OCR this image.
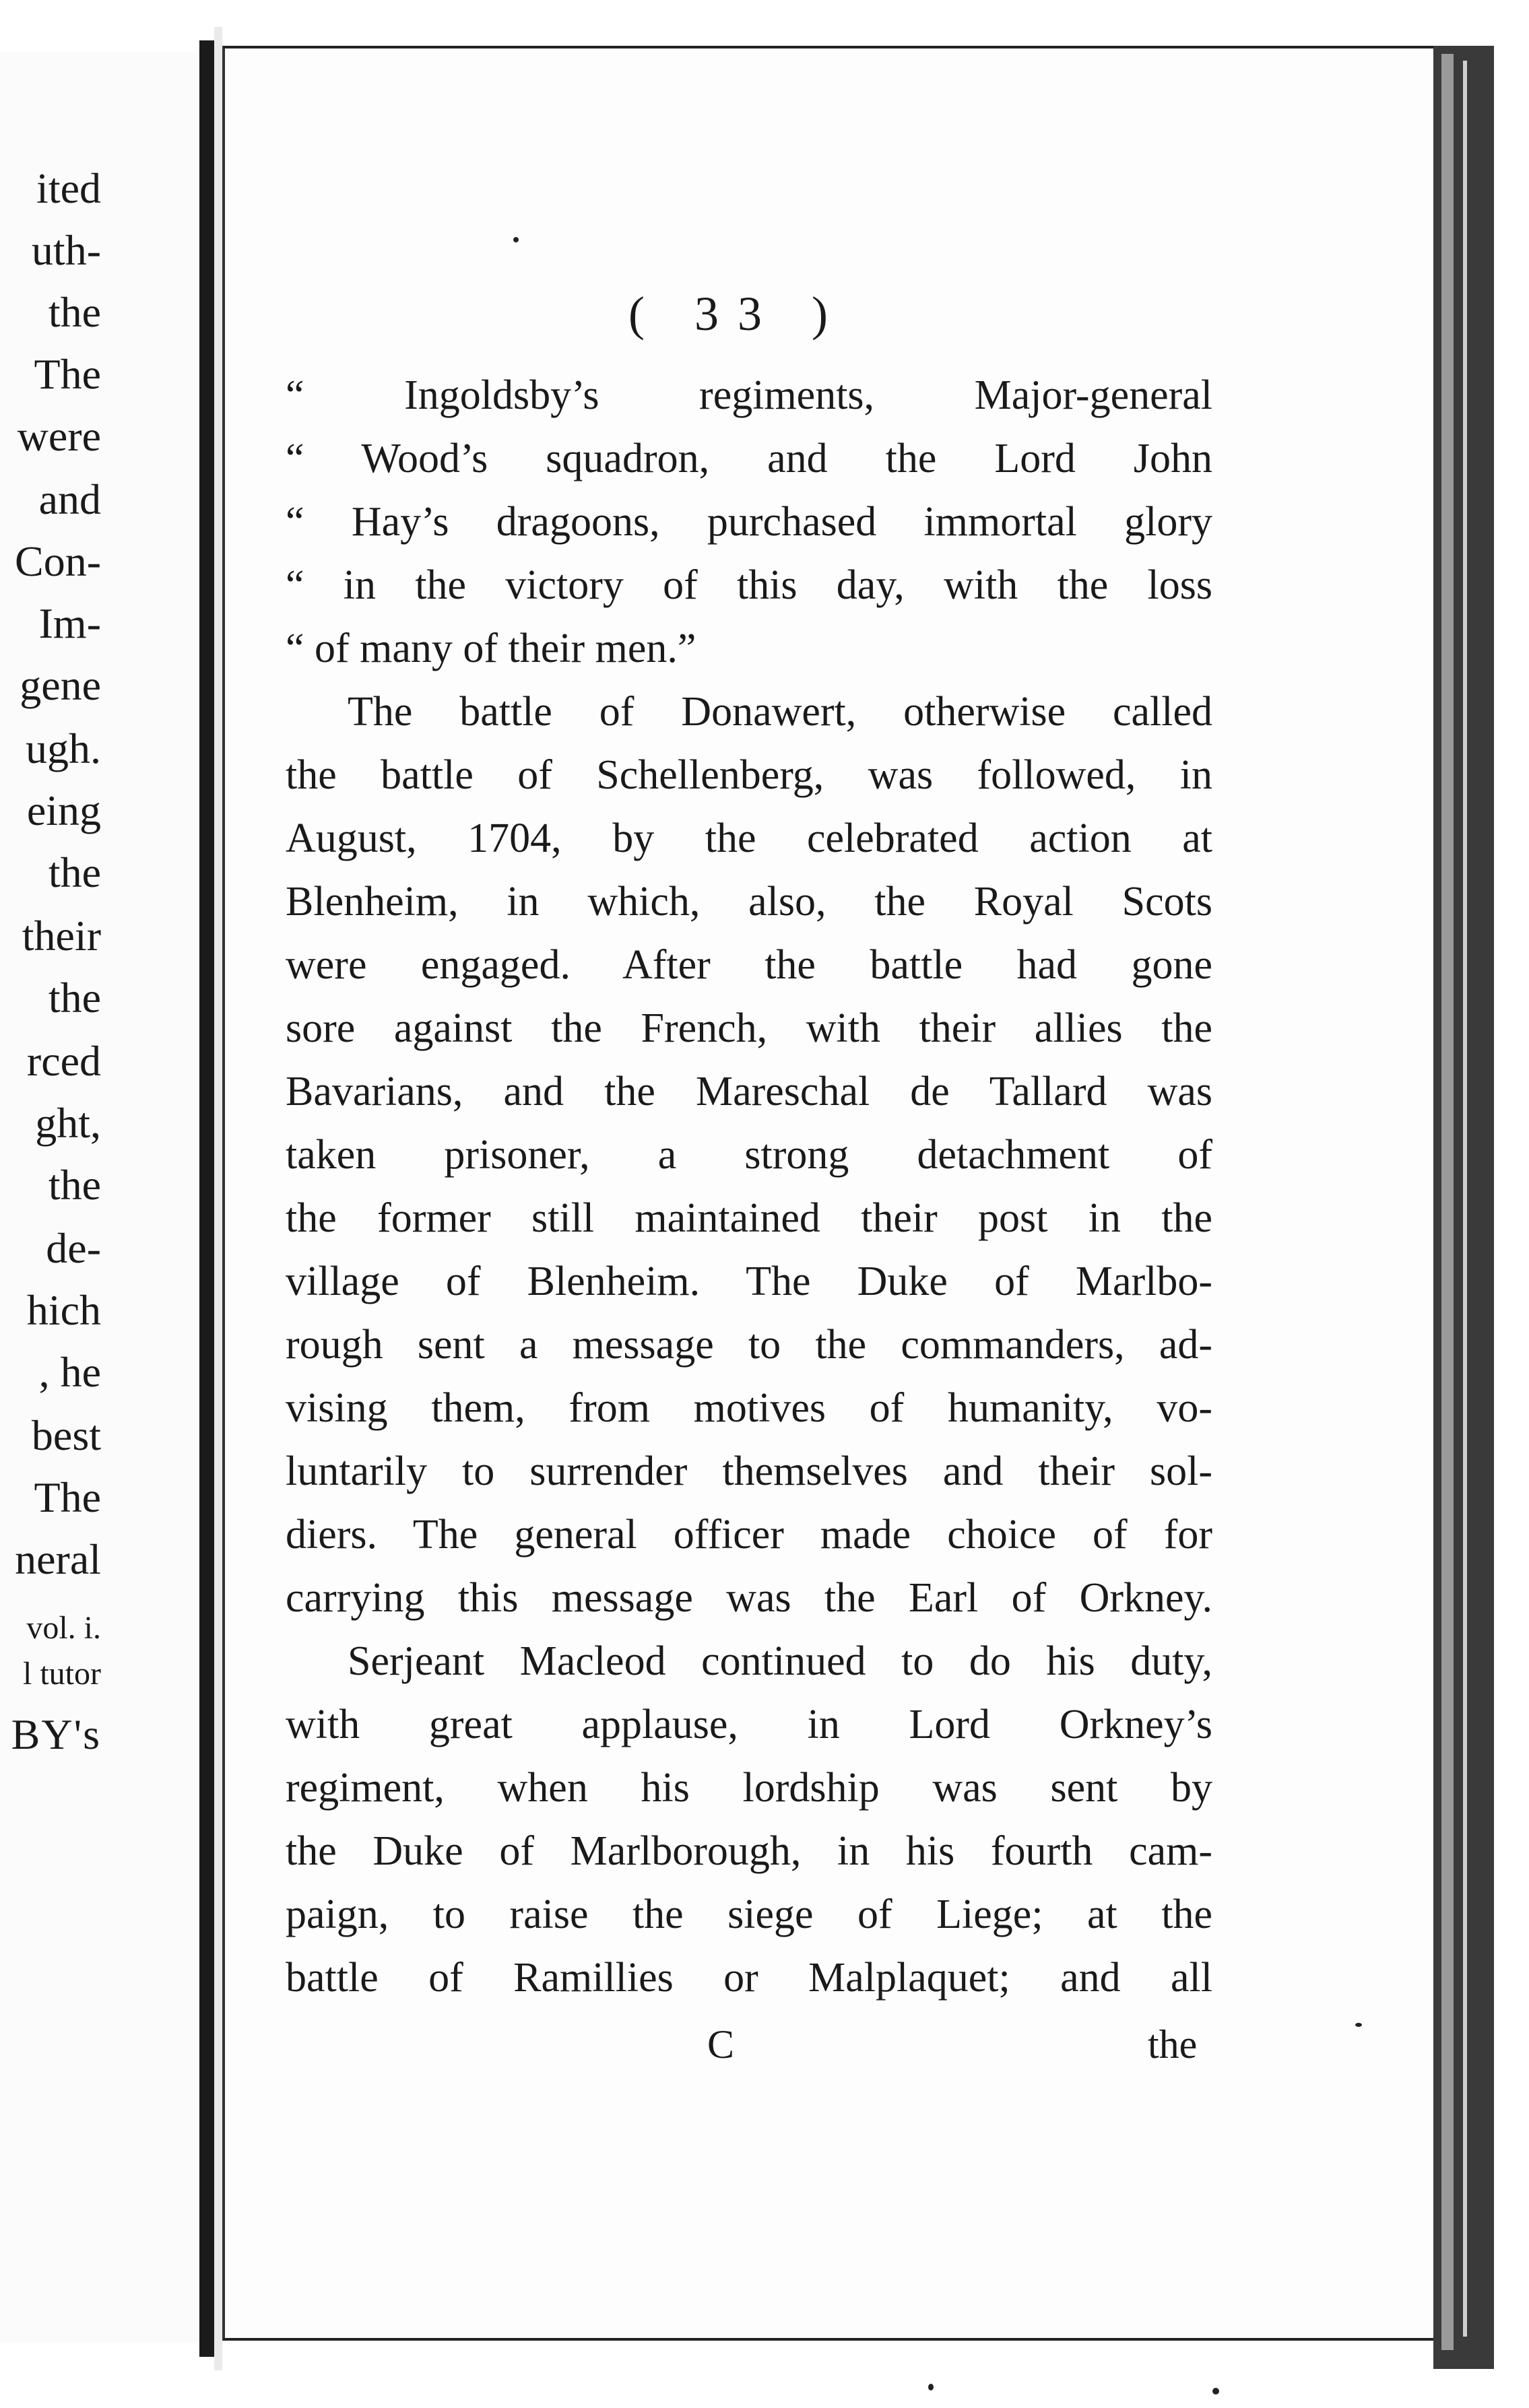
ited
uth-
the
The
were
and
Con-
Im-
gene
ugh.
eing
the
their
the
rced
ght,
the
de-
hich
, he
best
The
neral
vol. i.
l tutor
BY's
( 33 )
“ Ingoldsby’s regiments, Major-general
“ Wood’s squadron, and the Lord John
“ Hay’s dragoons, purchased immortal glory
“ in the victory of this day, with the loss
“ of many of their men.”
The battle of Donawert, otherwise called
the battle of Schellenberg, was followed, in
August, 1704, by the celebrated action at
Blenheim, in which, also, the Royal Scots
were engaged. After the battle had gone
sore against the French, with their allies the
Bavarians, and the Mareschal de Tallard was
taken prisoner, a strong detachment of
the former still maintained their post in the
village of Blenheim. The Duke of Marlbo-
rough sent a message to the commanders, ad-
vising them, from motives of humanity, vo-
luntarily to surrender themselves and their sol-
diers. The general officer made choice of for
carrying this message was the Earl of Orkney.
Serjeant Macleod continued to do his duty,
with great applause, in Lord Orkney’s
regiment, when his lordship was sent by
the Duke of Marlborough, in his fourth cam-
paign, to raise the siege of Liege; at the
battle of Ramillies or Malplaquet; and all
C	the
